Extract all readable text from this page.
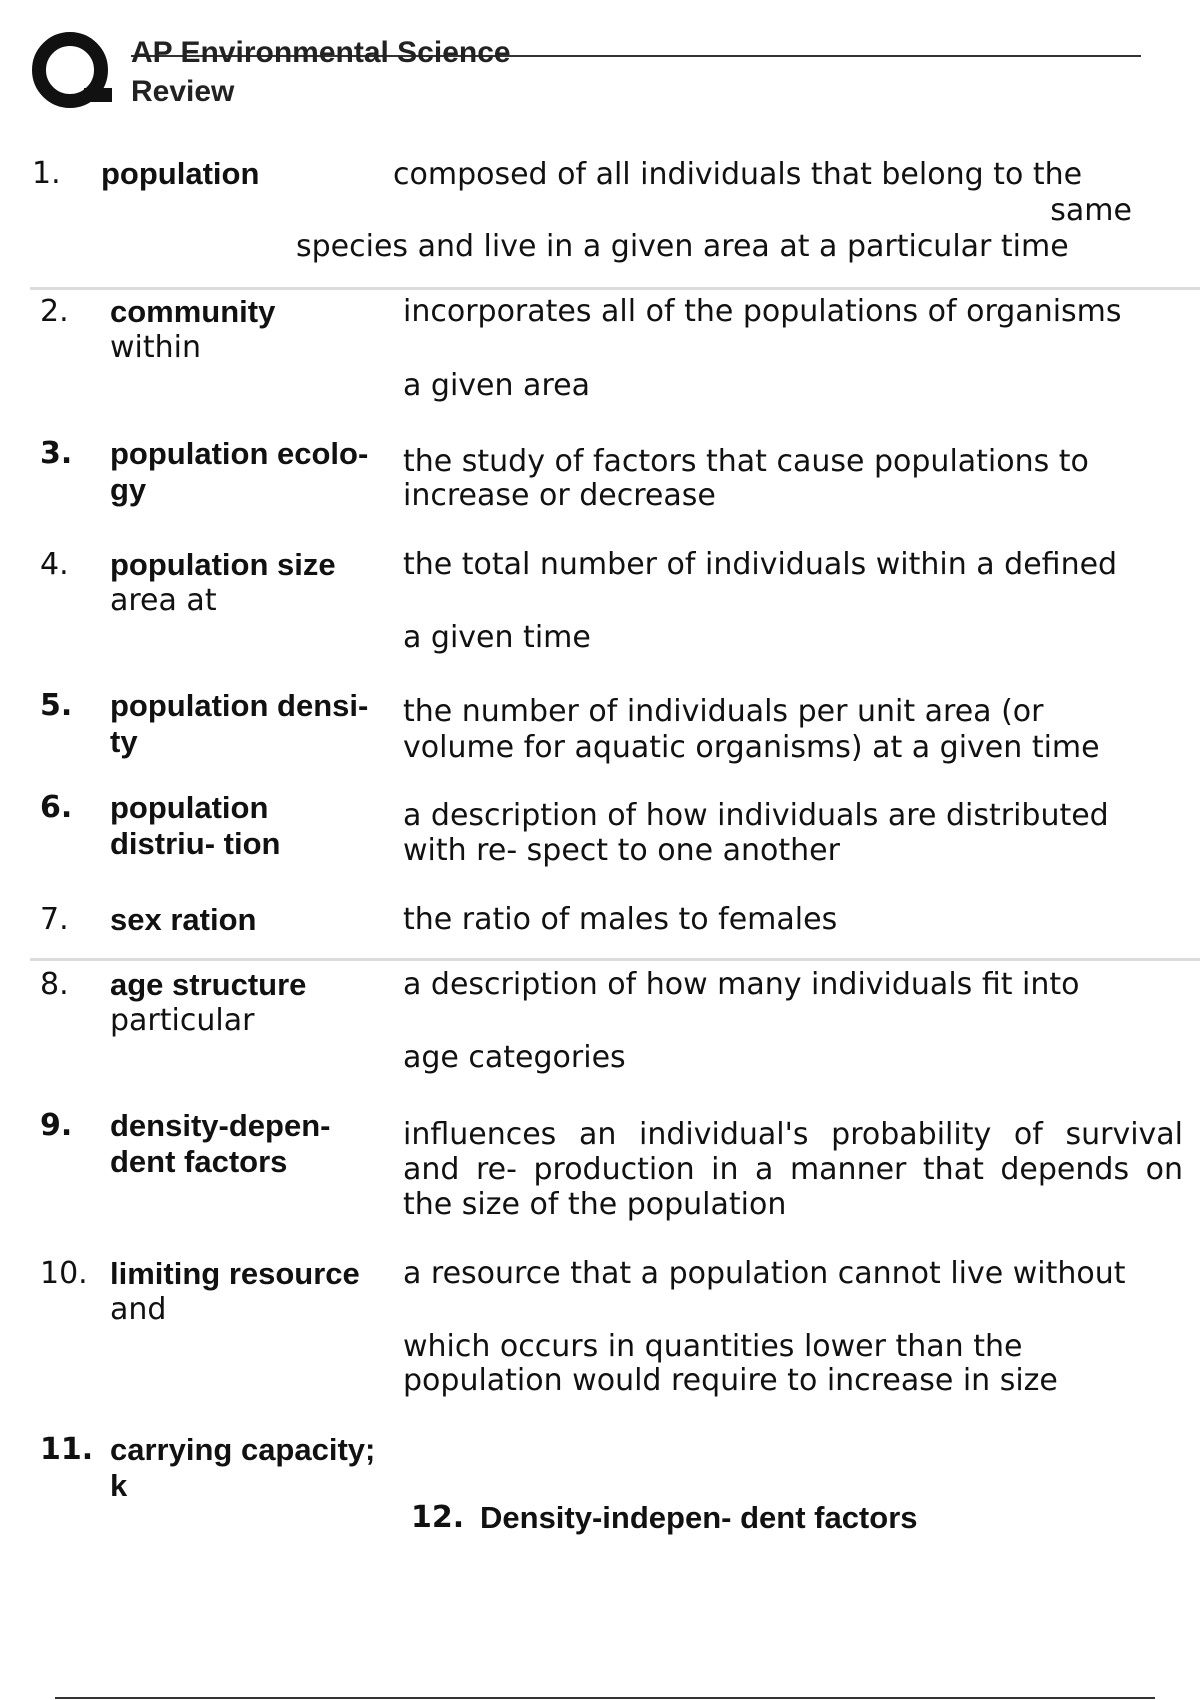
AP Environmental Science
Review
1. population	composed of all individuals that belong to the
same
species and live in a given area at a particular time
2. community
within
incorporates all of the populations of organisms
a given area
3. population ecolo-
gy
the study of factors that cause populations to
increase or decrease
4. population size
area at
the total number of individuals within a defined
a given time
5. population densi-
ty
the number of individuals per unit area (or
volume for aquatic organisms) at a given time
6. population
distriu- tion
a description of how individuals are distributed
with re- spect to one another
7. sex ration	the ratio of males to females
8. age structure
particular
a description of how many individuals fit into
age categories
9. density-depen-
dent factors
influences an individual's probability of survival and re- production in a manner that depends on the size of the population
10. limiting resource
and
a resource that a population cannot live without
which occurs in quantities lower than the
population would require to increase in size
11. carrying capacity;
k
12. Density-indepen- dent factors
